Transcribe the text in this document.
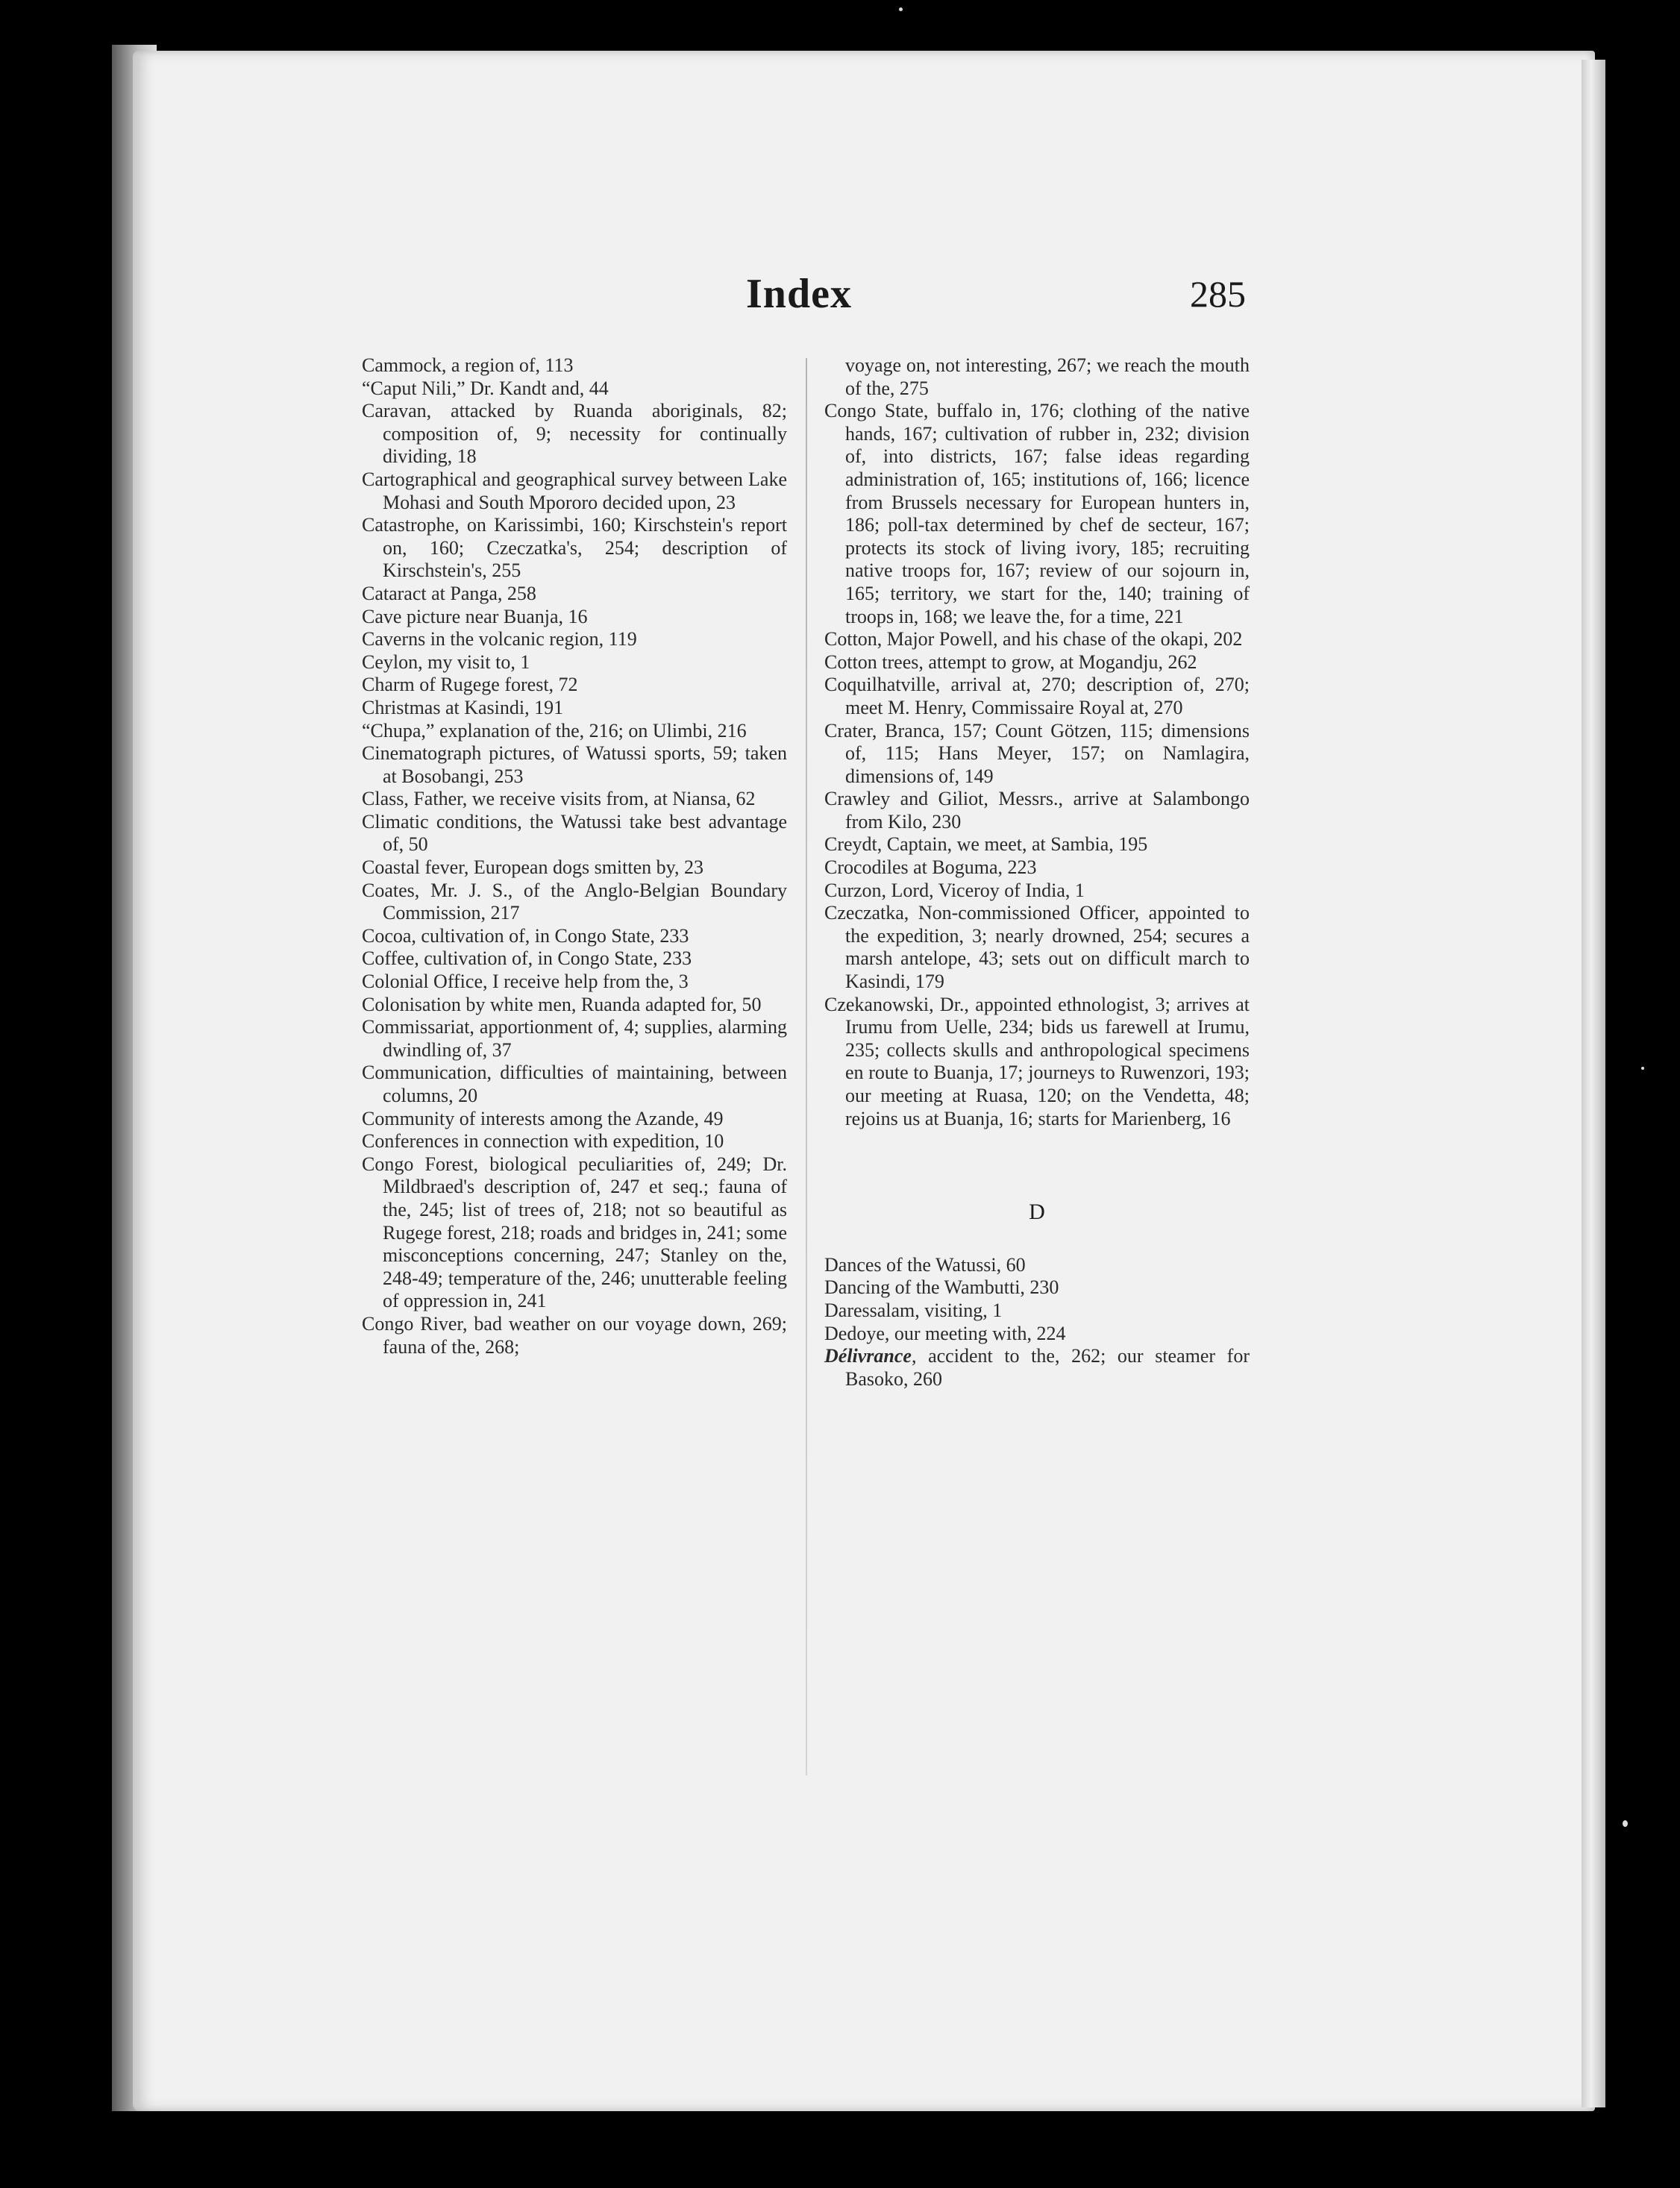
Index	285
Cammock, a region of, 113
“Caput Nili,” Dr. Kandt and, 44
Caravan, attacked by Ruanda aboriginals, 82; composition of, 9; necessity for continually dividing, 18
Cartographical and geographical survey between Lake Mohasi and South Mpororo decided upon, 23
Catastrophe, on Karissimbi, 160; Kirschstein's report on, 160; Czeczatka's, 254; description of Kirschstein's, 255
Cataract at Panga, 258
Cave picture near Buanja, 16
Caverns in the volcanic region, 119
Ceylon, my visit to, 1
Charm of Rugege forest, 72
Christmas at Kasindi, 191
“Chupa,” explanation of the, 216; on Ulimbi, 216
Cinematograph pictures, of Watussi sports, 59; taken at Bosobangi, 253
Class, Father, we receive visits from, at Niansa, 62
Climatic conditions, the Watussi take best advantage of, 50
Coastal fever, European dogs smitten by, 23
Coates, Mr. J. S., of the Anglo-Belgian Boundary Commission, 217
Cocoa, cultivation of, in Congo State, 233
Coffee, cultivation of, in Congo State, 233
Colonial Office, I receive help from the, 3
Colonisation by white men, Ruanda adapted for, 50
Commissariat, apportionment of, 4; supplies, alarming dwindling of, 37
Communication, difficulties of maintaining, between columns, 20
Community of interests among the Azande, 49
Conferences in connection with expedition, 10
Congo Forest, biological peculiarities of, 249; Dr. Mildbraed's description of, 247 et seq.; fauna of the, 245; list of trees of, 218; not so beautiful as Rugege forest, 218; roads and bridges in, 241; some misconceptions concerning, 247; Stanley on the, 248-49; temperature of the, 246; unutterable feeling of oppression in, 241
Congo River, bad weather on our voyage down, 269; fauna of the, 268;
voyage on, not interesting, 267; we reach the mouth of the, 275
Congo State, buffalo in, 176; clothing of the native hands, 167; cultivation of rubber in, 232; division of, into districts, 167; false ideas regarding administration of, 165; institutions of, 166; licence from Brussels necessary for European hunters in, 186; poll-tax determined by chef de secteur, 167; protects its stock of living ivory, 185; recruiting native troops for, 167; review of our sojourn in, 165; territory, we start for the, 140; training of troops in, 168; we leave the, for a time, 221
Cotton, Major Powell, and his chase of the okapi, 202
Cotton trees, attempt to grow, at Mogandju, 262
Coquilhatville, arrival at, 270; description of, 270; meet M. Henry, Commissaire Royal at, 270
Crater, Branca, 157; Count Götzen, 115; dimensions of, 115; Hans Meyer, 157; on Namlagira, dimensions of, 149
Crawley and Giliot, Messrs., arrive at Salambongo from Kilo, 230
Creydt, Captain, we meet, at Sambia, 195
Crocodiles at Boguma, 223
Curzon, Lord, Viceroy of India, 1
Czeczatka, Non-commissioned Officer, appointed to the expedition, 3; nearly drowned, 254; secures a marsh antelope, 43; sets out on difficult march to Kasindi, 179
Czekanowski, Dr., appointed ethnologist, 3; arrives at Irumu from Uelle, 234; bids us farewell at Irumu, 235; collects skulls and anthropological specimens en route to Buanja, 17; journeys to Ruwenzori, 193; our meeting at Ruasa, 120; on the Vendetta, 48; rejoins us at Buanja, 16; starts for Marienberg, 16
D
Dances of the Watussi, 60
Dancing of the Wambutti, 230
Daressalam, visiting, 1
Dedoye, our meeting with, 224
Délivrance, accident to the, 262; our steamer for Basoko, 260
